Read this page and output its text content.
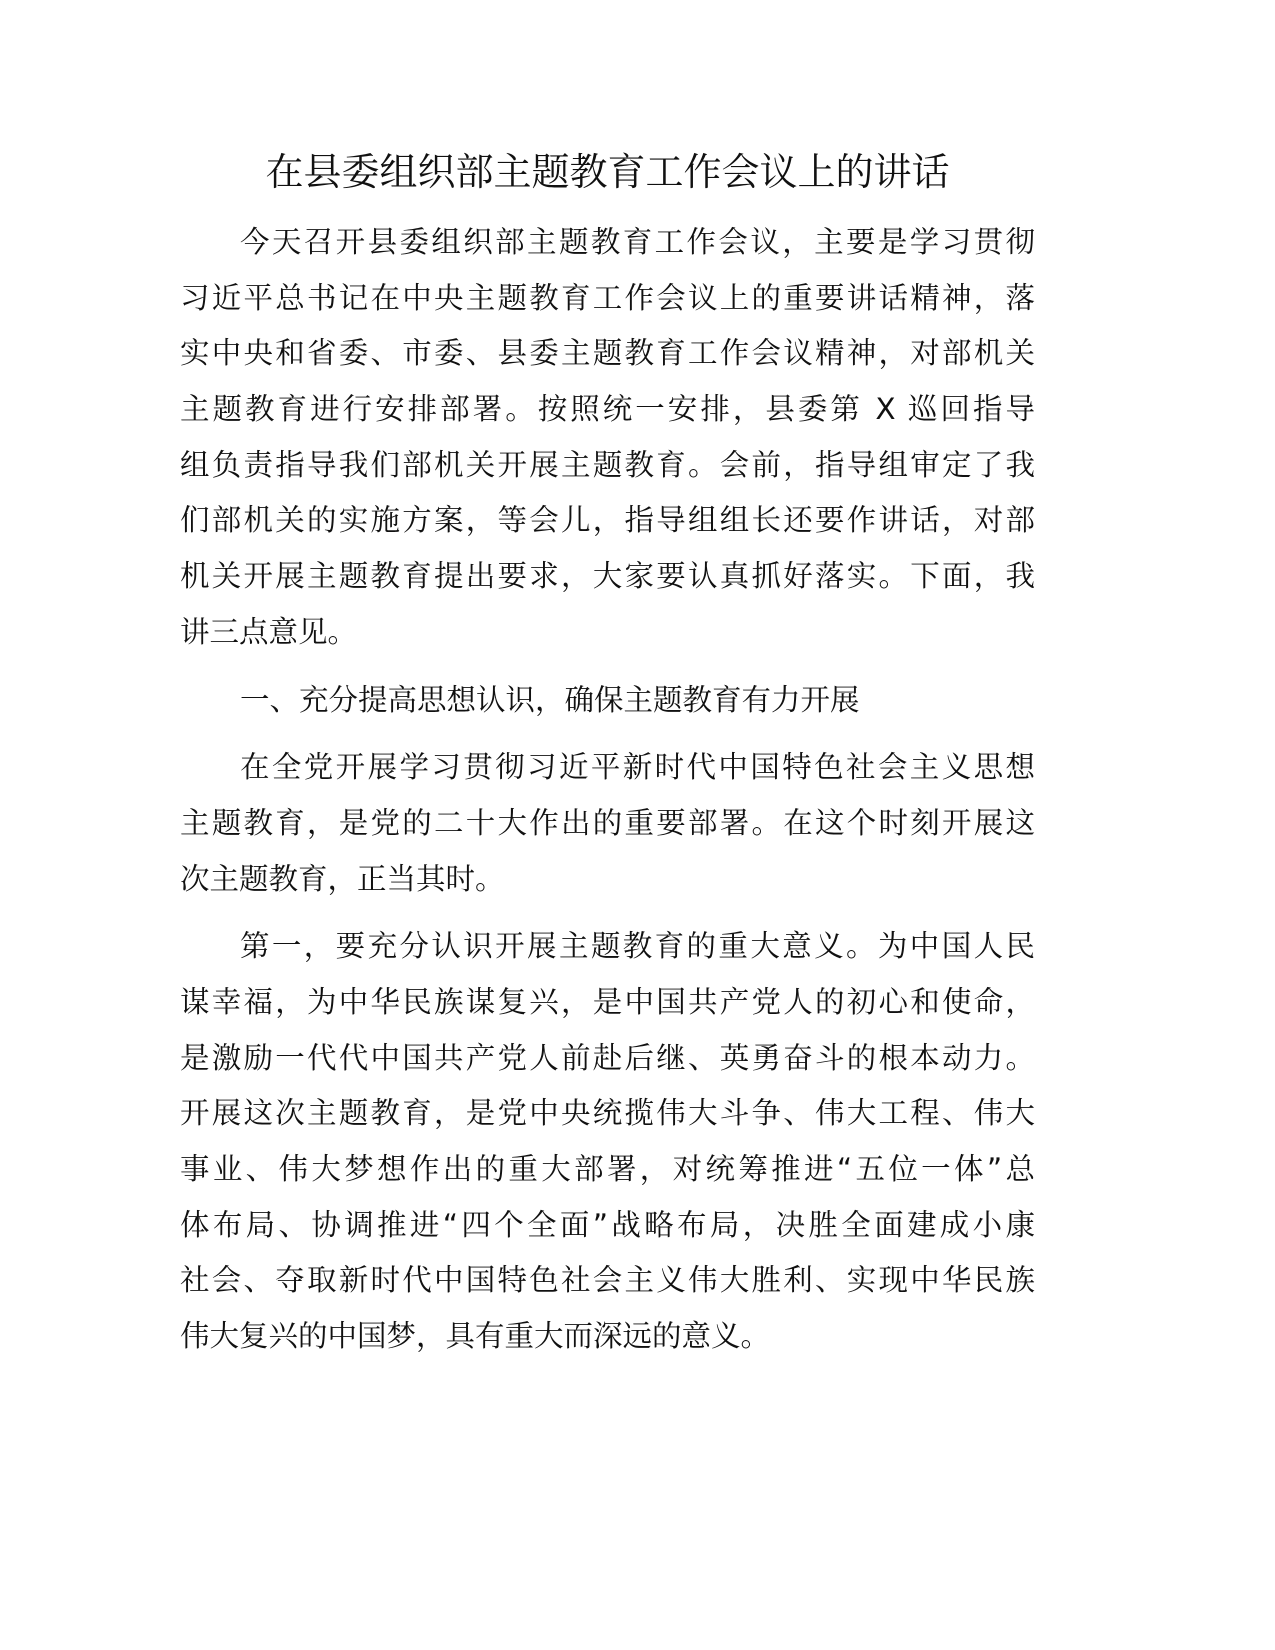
在县委组织部主题教育工作会议上的讲话
今天召开县委组织部主题教育工作会议，主要是学习贯彻
习近平总书记在中央主题教育工作会议上的重要讲话精神，落
实中央和省委、市委、县委主题教育工作会议精神，对部机关
主题教育进行安排部署。按照统一安排，县委第 X 巡回指导
组负责指导我们部机关开展主题教育。会前，指导组审定了我
们部机关的实施方案，等会儿，指导组组长还要作讲话，对部
机关开展主题教育提出要求，大家要认真抓好落实。下面，我
讲三点意见。
一、充分提高思想认识，确保主题教育有力开展
在全党开展学习贯彻习近平新时代中国特色社会主义思想
主题教育，是党的二十大作出的重要部署。在这个时刻开展这
次主题教育，正当其时。
第一，要充分认识开展主题教育的重大意义。为中国人民
谋幸福，为中华民族谋复兴，是中国共产党人的初心和使命，
是激励一代代中国共产党人前赴后继、英勇奋斗的根本动力。
开展这次主题教育，是党中央统揽伟大斗争、伟大工程、伟大
事业、伟大梦想作出的重大部署，对统筹推进“五位一体”总
体布局、协调推进“四个全面”战略布局，决胜全面建成小康
社会、夺取新时代中国特色社会主义伟大胜利、实现中华民族
伟大复兴的中国梦，具有重大而深远的意义。
